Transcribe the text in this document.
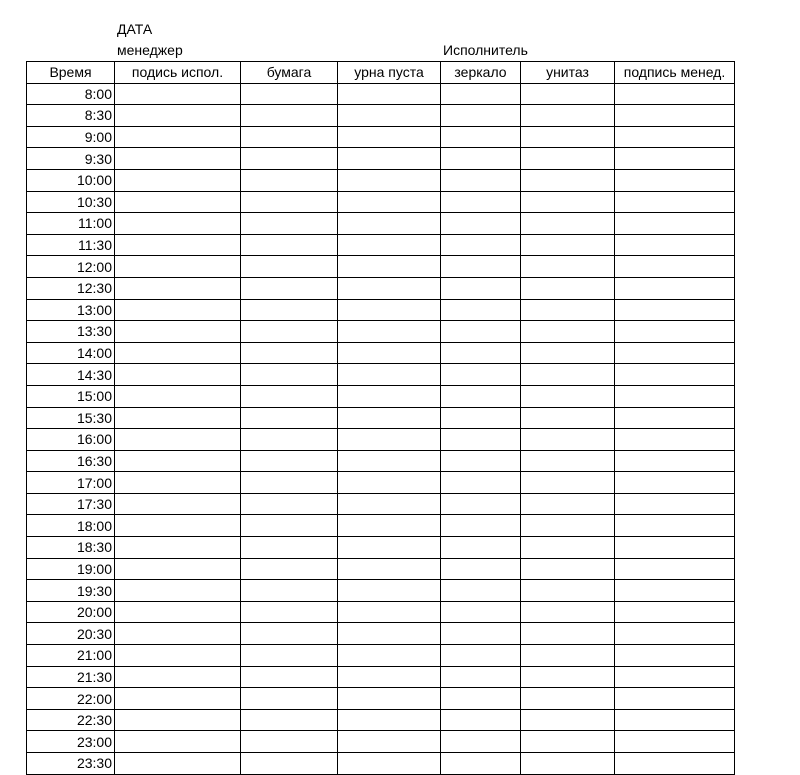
ДАТА
менеджер	Исполнитель
Время	подись испол.	бумага	урна пуста	зеркало	унитаз	подпись менед.
8:00						
8:30						
9:00						
9:30						
10:00						
10:30						
11:00						
11:30						
12:00						
12:30						
13:00						
13:30						
14:00						
14:30						
15:00						
15:30						
16:00						
16:30						
17:00						
17:30						
18:00						
18:30						
19:00						
19:30						
20:00						
20:30						
21:00						
21:30						
22:00						
22:30						
23:00						
23:30						
